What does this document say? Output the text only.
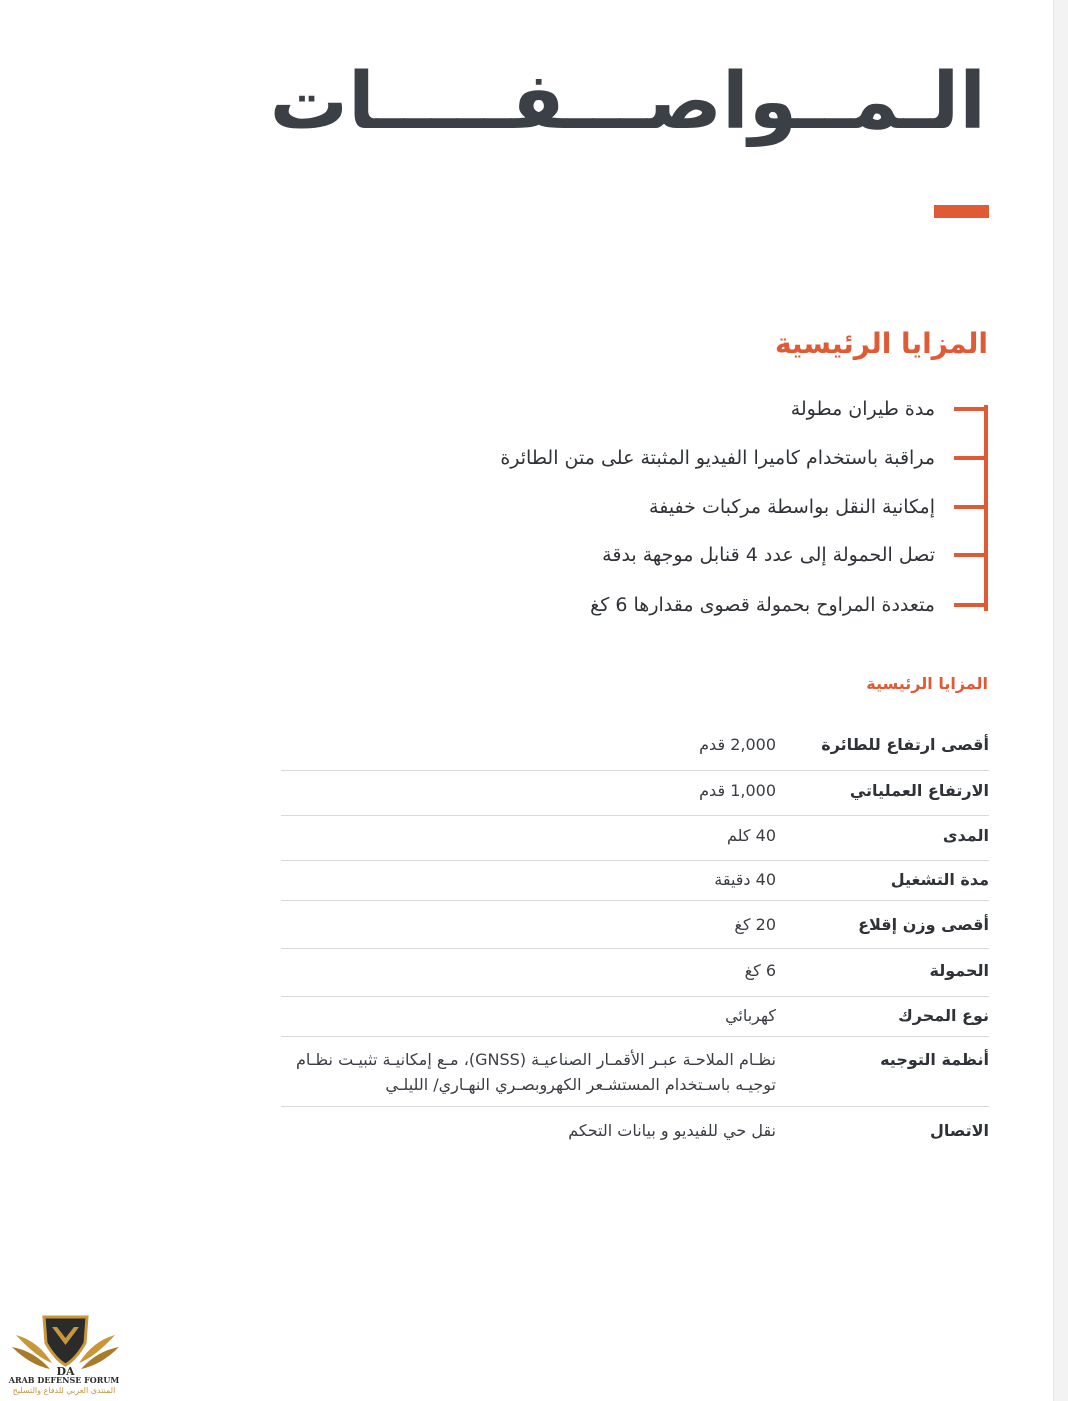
الـمــواصـــفـــــات
المزايا الرئيسية
مدة طيران مطولة
مراقبة باستخدام كاميرا الفيديو المثبتة على متن الطائرة
إمكانية النقل بواسطة مركبات خفيفة
تصل الحمولة إلى عدد 4 قنابل موجهة بدقة
متعددة المراوح بحمولة قصوى مقدارها 6 كغ
المزايا الرئيسية
أقصى ارتفاع للطائرة
2,000 قدم
الارتفاع العملياتي
1,000 قدم
المدى
40 كلم
مدة التشغيل
40 دقيقة
أقصى وزن إقلاع
20 كغ
الحمولة
6 كغ
نوع المحرك
كهربائي
أنظمة التوجيه
نظـام الملاحـة عبـر الأقمـار الصناعيـة (GNSS)، مـع إمكانيـة تثبيـت نظـام توجيـه باسـتخدام المستشـعر الكهروبصـري النهـاري/ الليلـي
الاتصال
نقل حي للفيديو و بيانات التحكم
DA
ARAB DEFENSE FORUM
المنتدى العربي للدفاع والتسليح
